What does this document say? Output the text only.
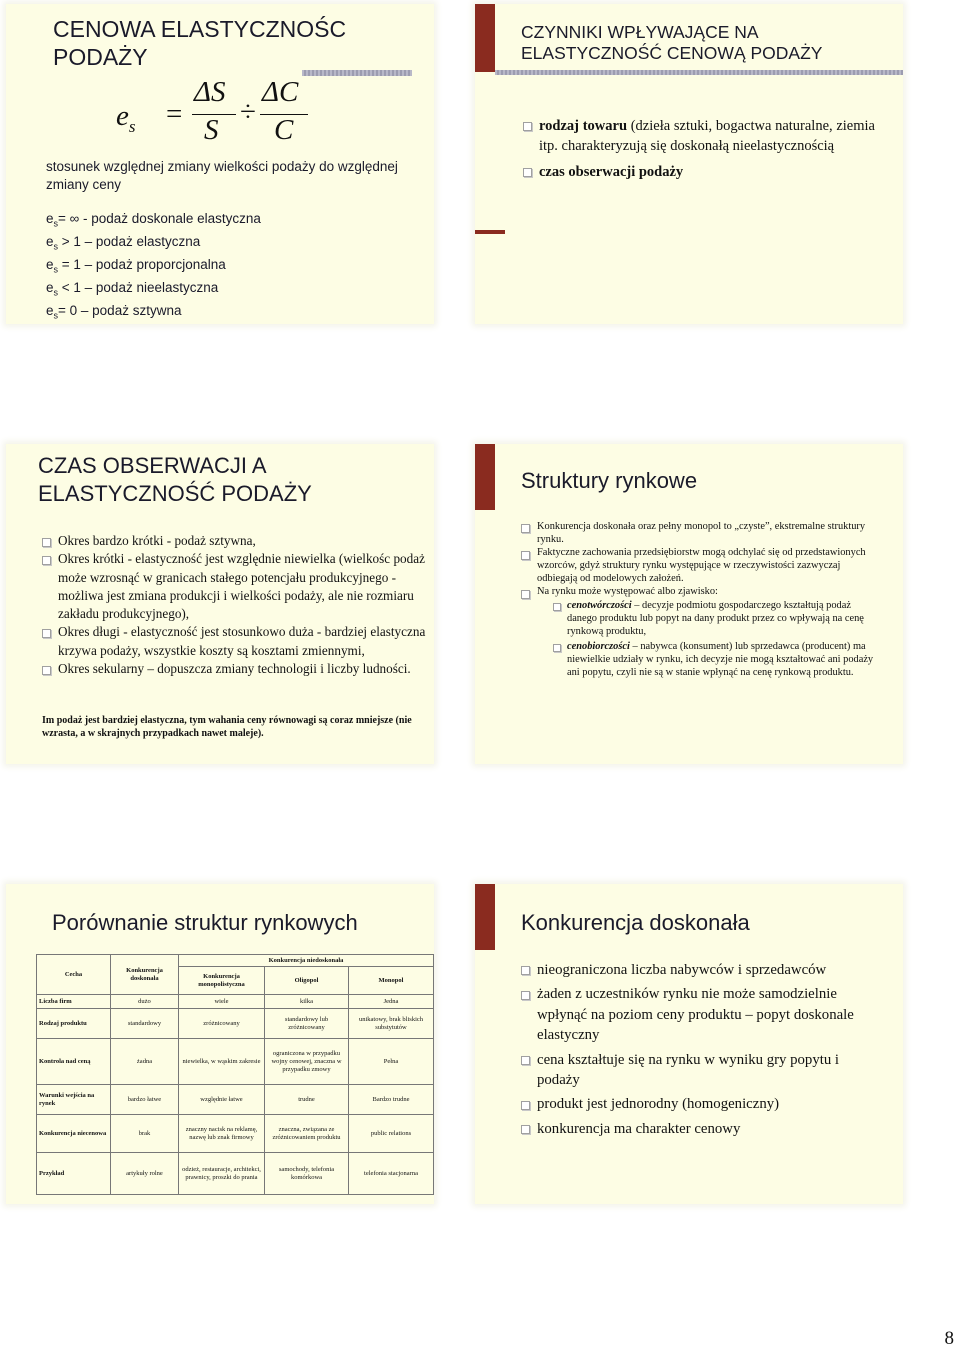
CENOWA ELASTYCZNOŚC PODAŻY
$e_s$ =
ΔS
S
÷
ΔC
C
stosunek względnej zmiany wielkości podaży do względnej zmiany ceny
$e_s=$ ∞ - podaż doskonale elastyczna
$e_s > 1$ – podaż elastyczna
$e_s = 1$ – podaż proporcjonalna
$e_s < 1$ – podaż nieelastyczna
$e_s= 0$ – podaż sztywna
CZYNNIKI WPŁYWAJĄCE NA ELASTYCZNOŚĆ CENOWĄ PODAŻY
rodzaj towaru (dzieła sztuki, bogactwa naturalne, ziemia itp. charakteryzują się doskonałą nieelastycznością
czas obserwacji podaży
CZAS OBSERWACJI A ELASTYCZNOŚĆ PODAŻY
Okres bardzo krótki - podaż sztywna,
Okres krótki - elastyczność jest względnie niewielka (wielkośc podaż może wzrosnąć w granicach stałego potencjału produkcyjnego - możliwa jest zmiana produkcji i wielkości podaży, ale nie rozmiaru zakładu produkcyjnego),
Okres długi - elastyczność jest stosunkowo duża - bardziej elastyczna krzywa podaży, wszystkie koszty są kosztami zmiennymi,
Okres sekularny – dopuszcza zmiany technologii i liczby ludności.
Im podaż jest bardziej elastyczna, tym wahania ceny równowagi są coraz mniejsze (nie wzrasta, a w skrajnych przypadkach nawet maleje).
Struktury rynkowe
Konkurencja doskonała oraz pełny monopol to „czyste”, ekstremalne struktury rynku.
Faktyczne zachowania przedsiębiorstw mogą odchylać się od przedstawionych wzorców, gdyż struktury rynku występujące w rzeczywistości zazwyczaj odbiegają od modelowych założeń.
Na rynku może występować albo zjawisko:
cenotwórczości – decyzje podmiotu gospodarczego kształtują podaż danego produktu lub popyt na dany produkt przez co wpływają na cenę rynkową produktu,
cenobiorczości – nabywca (konsument) lub sprzedawca (producent) ma niewielkie udziały w rynku, ich decyzje nie mogą kształtować ani podaży ani popytu, czyli nie są w stanie wpłynąć na cenę rynkową produktu.
Porównanie struktur rynkowych
Cecha	Konkurencja doskonała	Konkurencja niedoskonała		
		Konkurencja monopolistyczna	Oligopol	Monopol
Liczba firm	dużo	wiele	kilka	Jedna
Rodzaj produktu	standardowy	zróżnicowany	standardowy lub zróżnicowany	unikatowy, brak bliskich substytutów
Kontrola nad ceną	żadna	niewielka, w wąskim zakresie	ograniczona w przypadku wojny cenowej, znaczna w przypadku zmowy	Pełna
Warunki wejścia na rynek	bardzo łatwe	względnie łatwe	trudne	Bardzo trudne
Konkurencja niecenowa	brak	znaczny nacisk na reklamę, nazwę lub znak firmowy	znaczna, związana ze zróżnicowaniem produktu	public relations
Przykład	artykuły rolne	odzież, restauracje, architekci, prawnicy, proszki do prania	samochody, telefonia komórkowa	telefonia stacjonarna
Konkurencja doskonała
nieograniczona liczba nabywców i sprzedawców
żaden z uczestników rynku nie może samodzielnie wpłynąć na poziom ceny produktu – popyt doskonale elastyczny
cena kształtuje się na rynku w wyniku gry popytu i podaży
produkt jest jednorodny (homogeniczny)
konkurencja ma charakter cenowy
8
